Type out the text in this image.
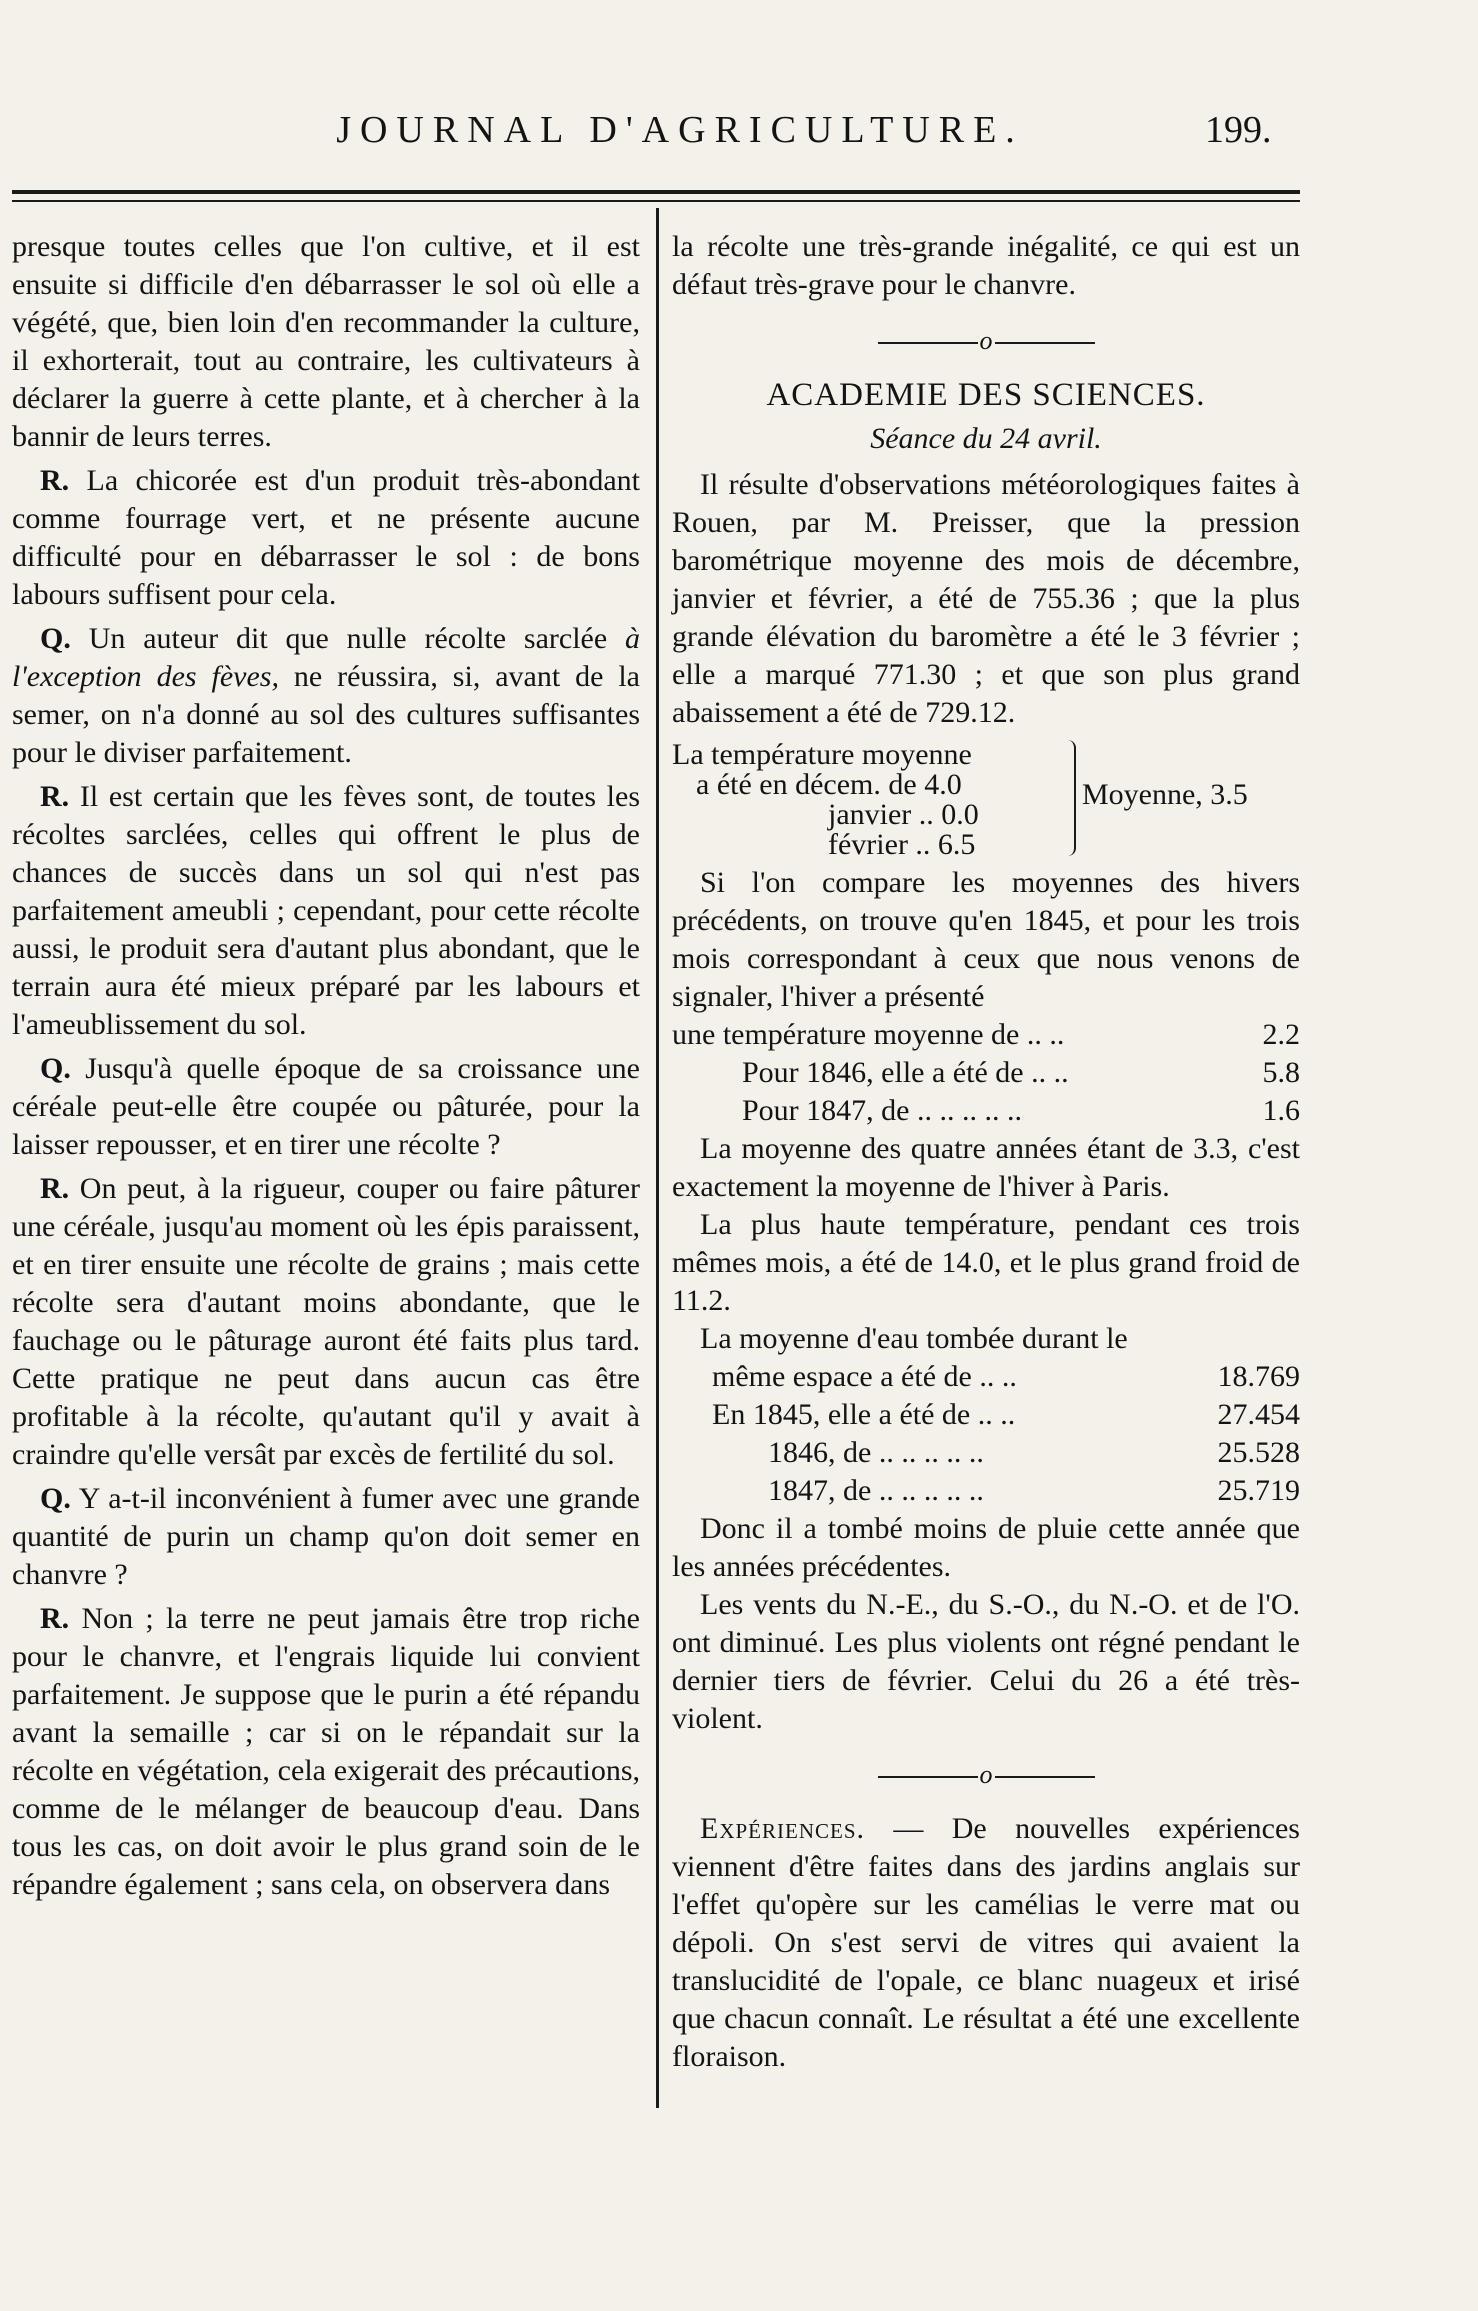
JOURNAL D'AGRICULTURE.	199.

presque toutes celles que l'on cultive, et il est ensuite si difficile d'en débarrasser le sol où elle a végété, que, bien loin d'en recommander la culture, il exhorterait, tout au contraire, les cultivateurs à déclarer la guerre à cette plante, et à chercher à la bannir de leurs terres.

R. La chicorée est d'un produit très-abondant comme fourrage vert, et ne présente aucune difficulté pour en débarrasser le sol : de bons labours suffisent pour cela.

Q. Un auteur dit que nulle récolte sarclée à l'exception des fèves, ne réussira, si, avant de la semer, on n'a donné au sol des cultures suffisantes pour le diviser parfaitement.

R. Il est certain que les fèves sont, de toutes les récoltes sarclées, celles qui offrent le plus de chances de succès dans un sol qui n'est pas parfaitement ameubli ; cependant, pour cette récolte aussi, le produit sera d'autant plus abondant, que le terrain aura été mieux préparé par les labours et l'ameublissement du sol.

Q. Jusqu'à quelle époque de sa croissance une céréale peut-elle être coupée ou pâturée, pour la laisser repousser, et en tirer une récolte ?

R. On peut, à la rigueur, couper ou faire pâturer une céréale, jusqu'au moment où les épis paraissent, et en tirer ensuite une récolte de grains ; mais cette récolte sera d'autant moins abondante, que le fauchage ou le pâturage auront été faits plus tard. Cette pratique ne peut dans aucun cas être profitable à la récolte, qu'autant qu'il y avait à craindre qu'elle versât par excès de fertilité du sol.

Q. Y a-t-il inconvénient à fumer avec une grande quantité de purin un champ qu'on doit semer en chanvre ?

R. Non ; la terre ne peut jamais être trop riche pour le chanvre, et l'engrais liquide lui convient parfaitement. Je suppose que le purin a été répandu avant la semaille ; car si on le répandait sur la récolte en végétation, cela exigerait des précautions, comme de le mélanger de beaucoup d'eau. Dans tous les cas, on doit avoir le plus grand soin de le répandre également ; sans cela, on observera dans

la récolte une très-grande inégalité, ce qui est un défaut très-grave pour le chanvre.

o
ACADEMIE DES SCIENCES.
Séance du 24 avril.

Il résulte d'observations météorologiques faites à Rouen, par M. Preisser, que la pression barométrique moyenne des mois de décembre, janvier et février, a été de 755.36 ; que la plus grande élévation du baromètre a été le 3 février ; elle a marqué 771.30 ; et que son plus grand abaissement a été de 729.12.

La température moyenne
a été en décem. de 4.0
janvier .. 0.0
février .. 6.5
Moyenne, 3.5

Si l'on compare les moyennes des hivers précédents, on trouve qu'en 1845, et pour les trois mois correspondant à ceux que nous venons de signaler, l'hiver a présenté

une température moyenne de .. ..	2.2
Pour 1846, elle a été de .. ..	5.8
Pour 1847, de .. .. .. .. ..	1.6

La moyenne des quatre années étant de 3.3, c'est exactement la moyenne de l'hiver à Paris.

La plus haute température, pendant ces trois mêmes mois, a été de 14.0, et le plus grand froid de 11.2.

La moyenne d'eau tombée durant le

même espace a été de .. ..	18.769
En 1845, elle a été de .. ..	27.454
1846, de .. .. .. .. ..	25.528
1847, de .. .. .. .. ..	25.719

Donc il a tombé moins de pluie cette année que les années précédentes.

Les vents du N.-E., du S.-O., du N.-O. et de l'O. ont diminué. Les plus violents ont régné pendant le dernier tiers de février. Celui du 26 a été très-violent.

o

Expériences. — De nouvelles expériences viennent d'être faites dans des jardins anglais sur l'effet qu'opère sur les camélias le verre mat ou dépoli. On s'est servi de vitres qui avaient la translucidité de l'opale, ce blanc nuageux et irisé que chacun connaît. Le résultat a été une excellente floraison.
